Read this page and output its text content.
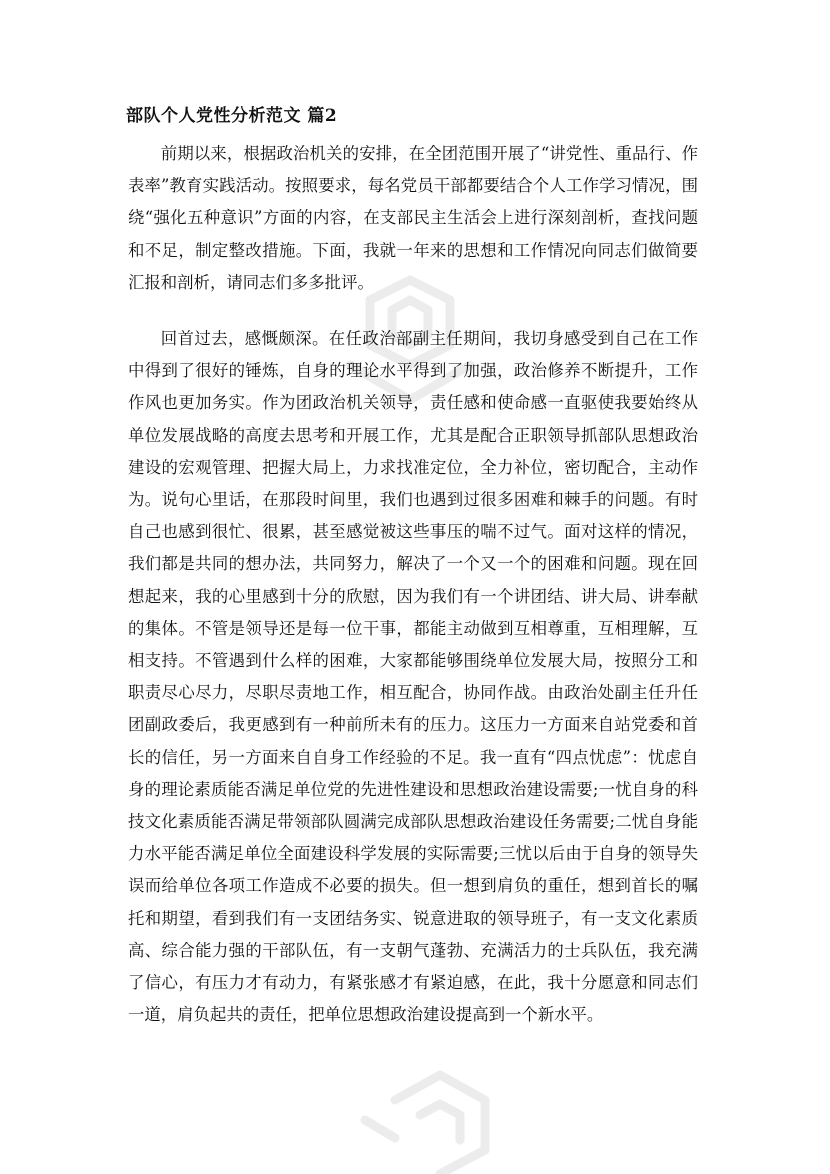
部队个人党性分析范文 篇2

前期以来，根据政治机关的安排，在全团范围开展了“讲党性、重品行、作表率”教育实践活动。按照要求，每名党员干部都要结合个人工作学习情况，围绕“强化五种意识”方面的内容，在支部民主生活会上进行深刻剖析，查找问题和不足，制定整改措施。下面，我就一年来的思想和工作情况向同志们做简要汇报和剖析，请同志们多多批评。

回首过去，感慨颇深。在任政治部副主任期间，我切身感受到自己在工作中得到了很好的锤炼，自身的理论水平得到了加强，政治修养不断提升，工作作风也更加务实。作为团政治机关领导，责任感和使命感一直驱使我要始终从单位发展战略的高度去思考和开展工作，尤其是配合正职领导抓部队思想政治建设的宏观管理、把握大局上，力求找准定位，全力补位，密切配合，主动作为。说句心里话，在那段时间里，我们也遇到过很多困难和棘手的问题。有时自己也感到很忙、很累，甚至感觉被这些事压的喘不过气。面对这样的情况，我们都是共同的想办法，共同努力，解决了一个又一个的困难和问题。现在回想起来，我的心里感到十分的欣慰，因为我们有一个讲团结、讲大局、讲奉献的集体。不管是领导还是每一位干事，都能主动做到互相尊重，互相理解，互相支持。不管遇到什么样的困难，大家都能够围绕单位发展大局，按照分工和职责尽心尽力，尽职尽责地工作，相互配合，协同作战。由政治处副主任升任团副政委后，我更感到有一种前所未有的压力。这压力一方面来自站党委和首长的信任，另一方面来自自身工作经验的不足。我一直有“四点忧虑”：忧虑自身的理论素质能否满足单位党的先进性建设和思想政治建设需要;一忧自身的科技文化素质能否满足带领部队圆满完成部队思想政治建设任务需要;二忧自身能力水平能否满足单位全面建设科学发展的实际需要;三忧以后由于自身的领导失误而给单位各项工作造成不必要的损失。但一想到肩负的重任，想到首长的嘱托和期望，看到我们有一支团结务实、锐意进取的领导班子，有一支文化素质高、综合能力强的干部队伍，有一支朝气蓬勃、充满活力的士兵队伍，我充满了信心，有压力才有动力，有紧张感才有紧迫感，在此，我十分愿意和同志们一道，肩负起共的责任，把单位思想政治建设提高到一个新水平。
